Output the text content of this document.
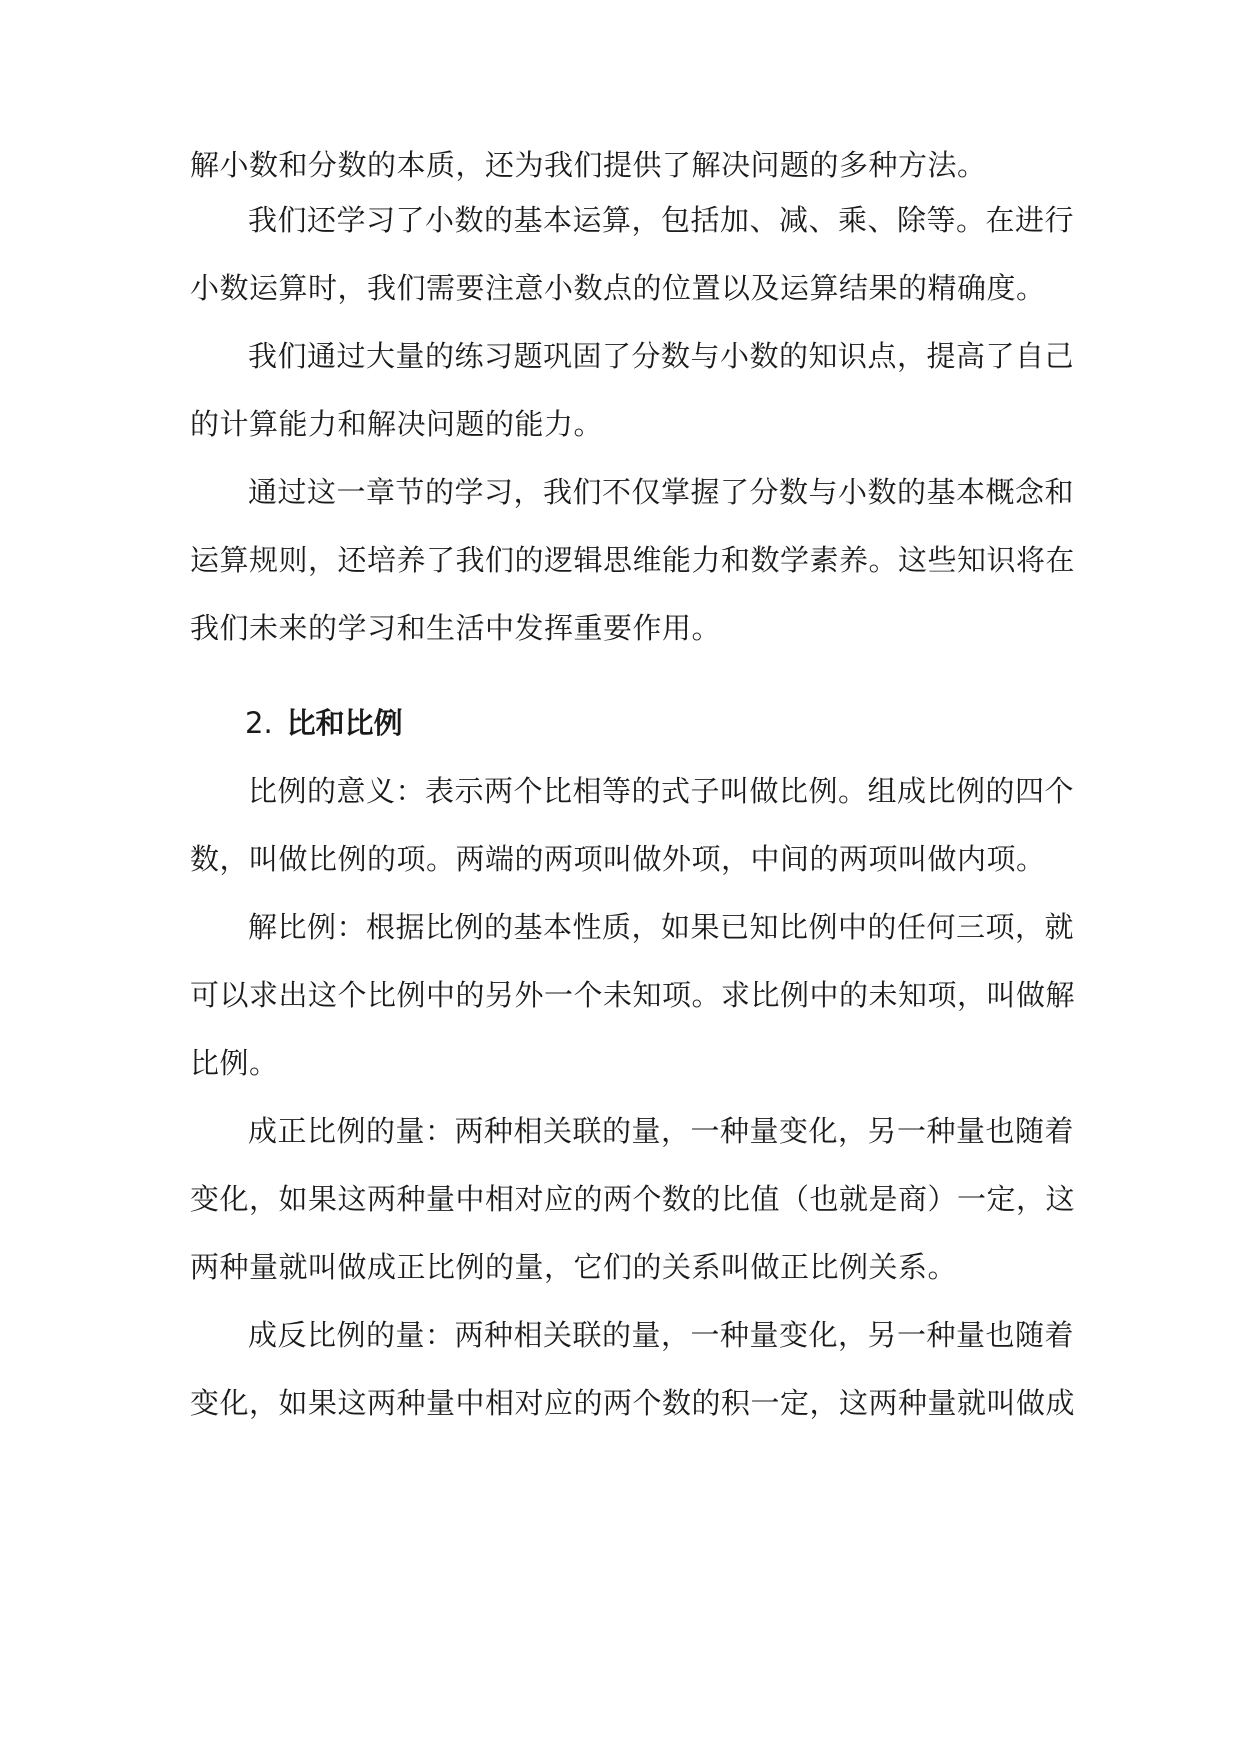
解小数和分数的本质，还为我们提供了解决问题的多种方法。
我们还学习了小数的基本运算，包括加、减、乘、除等。在进行
小数运算时，我们需要注意小数点的位置以及运算结果的精确度。
我们通过大量的练习题巩固了分数与小数的知识点，提高了自己
的计算能力和解决问题的能力。
通过这一章节的学习，我们不仅掌握了分数与小数的基本概念和
运算规则，还培养了我们的逻辑思维能力和数学素养。这些知识将在
我们未来的学习和生活中发挥重要作用。
2. 比和比例
比例的意义：表示两个比相等的式子叫做比例。组成比例的四个
数，叫做比例的项。两端的两项叫做外项，中间的两项叫做内项。
解比例：根据比例的基本性质，如果已知比例中的任何三项，就
可以求出这个比例中的另外一个未知项。求比例中的未知项，叫做解
比例。
成正比例的量：两种相关联的量，一种量变化，另一种量也随着
变化，如果这两种量中相对应的两个数的比值（也就是商）一定，这
两种量就叫做成正比例的量，它们的关系叫做正比例关系。
成反比例的量：两种相关联的量，一种量变化，另一种量也随着
变化，如果这两种量中相对应的两个数的积一定，这两种量就叫做成
